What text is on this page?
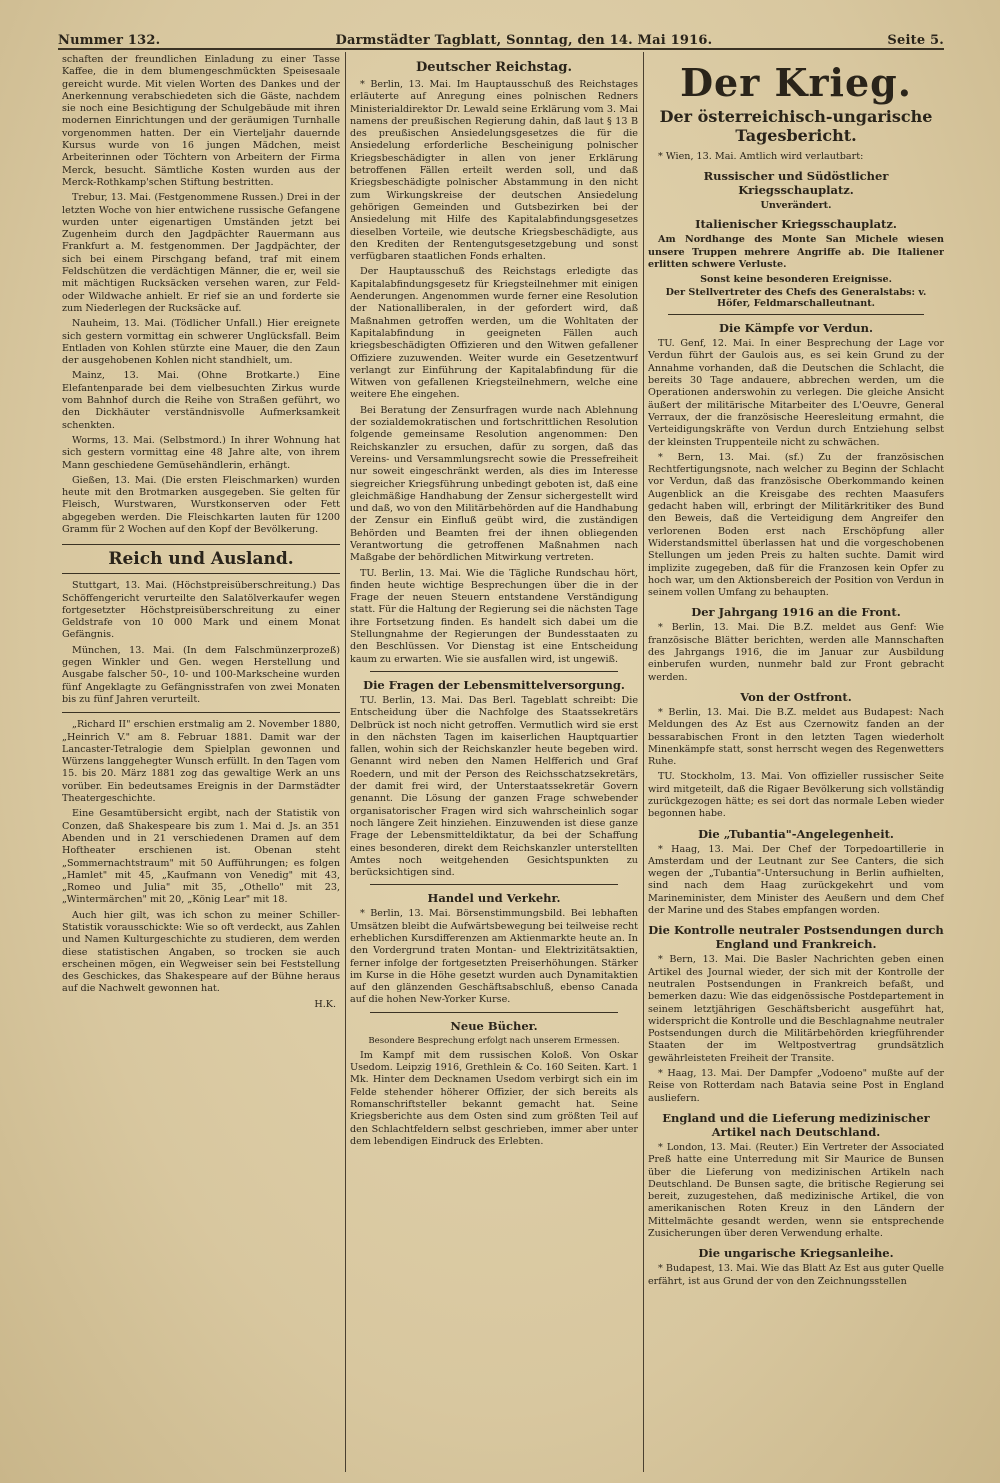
Nummer 132.	Darmstädter Tagblatt, Sonntag, den 14. Mai 1916.	Seite 5.

schaften der freundlichen Einladung zu einer Tasse Kaffee, die in dem blumengeschmückten Speisesaale gereicht wurde. Mit vielen Worten des Dankes und der Anerkennung verabschiedeten sich die Gäste, nachdem sie noch eine Besichtigung der Schulgebäude mit ihren modernen Einrichtungen und der geräumigen Turnhalle vorgenommen hatten. Der ein Vierteljahr dauernde Kursus wurde von 16 jungen Mädchen, meist Arbeiterinnen oder Töchtern von Arbeitern der Firma Merck, besucht. Sämtliche Kosten wurden aus der Merck-Rothkamp'schen Stiftung bestritten.

Trebur, 13. Mai. (Festgenommene Russen.) Drei in der letzten Woche von hier entwichene russische Gefangene wurden unter eigenartigen Umständen jetzt bei Zugenheim durch den Jagdpächter Rauermann aus Frankfurt a. M. festgenommen. Der Jagdpächter, der sich bei einem Pirschgang befand, traf mit einem Feldschützen die verdächtigen Männer, die er, weil sie mit mächtigen Rucksäcken versehen waren, zur Feld- oder Wildwache anhielt. Er rief sie an und forderte sie zum Niederlegen der Rucksäcke auf.

Nauheim, 13. Mai. (Tödlicher Unfall.) Hier ereignete sich gestern vormittag ein schwerer Unglücksfall. Beim Entladen von Kohlen stürzte eine Mauer, die den Zaun der ausgehobenen Kohlen nicht standhielt, um.

Mainz, 13. Mai. (Ohne Brotkarte.) Eine Elefantenparade bei dem vielbesuchten Zirkus wurde vom Bahnhof durch die Reihe von Straßen geführt, wo den Dickhäuter verständnisvolle Aufmerksamkeit schenkten.

Worms, 13. Mai. (Selbstmord.) In ihrer Wohnung hat sich gestern vormittag eine 48 Jahre alte, von ihrem Mann geschiedene Gemüsehändlerin, erhängt.

Gießen, 13. Mai. (Die ersten Fleischmarken) wurden heute mit den Brotmarken ausgegeben. Sie gelten für Fleisch, Wurstwaren, Wurstkonserven oder Fett abgegeben werden. Die Fleischkarten lauten für 1200 Gramm für 2 Wochen auf den Kopf der Bevölkerung.

Reich und Ausland.

Stuttgart, 13. Mai. (Höchstpreisüberschreitung.) Das Schöffengericht verurteilte den Salatölverkaufer wegen fortgesetzter Höchstpreisüberschreitung zu einer Geldstrafe von 10 000 Mark und einem Monat Gefängnis.

München, 13. Mai. (In dem Falschmünzerprozeß) gegen Winkler und Gen. wegen Herstellung und Ausgabe falscher 50-, 10- und 100-Markscheine wurden fünf Angeklagte zu Gefängnisstrafen von zwei Monaten bis zu fünf Jahren verurteilt.

„Richard II" erschien erstmalig am 2. November 1880, „Heinrich V." am 8. Februar 1881. Damit war der Lancaster-Tetralogie dem Spielplan gewonnen und Würzens langgehegter Wunsch erfüllt. In den Tagen vom 15. bis 20. März 1881 zog das gewaltige Werk an uns vorüber. Ein bedeutsames Ereignis in der Darmstädter Theatergeschichte.

Eine Gesamtübersicht ergibt, nach der Statistik von Conzen, daß Shakespeare bis zum 1. Mai d. Js. an 351 Abenden und in 21 verschiedenen Dramen auf dem Hoftheater erschienen ist. Obenan steht „Sommernachtstraum" mit 50 Aufführungen; es folgen „Hamlet" mit 45, „Kaufmann von Venedig" mit 43, „Romeo und Julia" mit 35, „Othello" mit 23, „Wintermärchen" mit 20, „König Lear" mit 18.

Auch hier gilt, was ich schon zu meiner Schiller-Statistik vorausschickte: Wie so oft verdeckt, aus Zahlen und Namen Kulturgeschichte zu studieren, dem werden diese statistischen Angaben, so trocken sie auch erscheinen mögen, ein Wegweiser sein bei Feststellung des Geschickes, das Shakespeare auf der Bühne heraus auf die Nachwelt gewonnen hat.

H.K.
Deutscher Reichstag.

* Berlin, 13. Mai. Im Hauptausschuß des Reichstages erläuterte auf Anregung eines polnischen Redners Ministerialdirektor Dr. Lewald seine Erklärung vom 3. Mai namens der preußischen Regierung dahin, daß laut § 13 B des preußischen Ansiedelungsgesetzes die für die Ansiedelung erforderliche Bescheinigung polnischer Kriegsbeschädigter in allen von jener Erklärung betroffenen Fällen erteilt werden soll, und daß Kriegsbeschädigte polnischer Abstammung in den nicht zum Wirkungskreise der deutschen Ansiedelung gehörigen Gemeinden und Gutsbezirken bei der Ansiedelung mit Hilfe des Kapitalabfindungsgesetzes dieselben Vorteile, wie deutsche Kriegsbeschädigte, aus den Krediten der Rentengutsgesetzgebung und sonst verfügbaren staatlichen Fonds erhalten.

Der Hauptausschuß des Reichstags erledigte das Kapitalabfindungsgesetz für Kriegsteilnehmer mit einigen Aenderungen. Angenommen wurde ferner eine Resolution der Nationalliberalen, in der gefordert wird, daß Maßnahmen getroffen werden, um die Wohltaten der Kapitalabfindung in geeigneten Fällen auch kriegsbeschädigten Offizieren und den Witwen gefallener Offiziere zuzuwenden. Weiter wurde ein Gesetzentwurf verlangt zur Einführung der Kapitalabfindung für die Witwen von gefallenen Kriegsteilnehmern, welche eine weitere Ehe eingehen.

Bei Beratung der Zensurfragen wurde nach Ablehnung der sozialdemokratischen und fortschrittlichen Resolution folgende gemeinsame Resolution angenommen: Den Reichskanzler zu ersuchen, dafür zu sorgen, daß das Vereins- und Versammlungsrecht sowie die Pressefreiheit nur soweit eingeschränkt werden, als dies im Interesse siegreicher Kriegsführung unbedingt geboten ist, daß eine gleichmäßige Handhabung der Zensur sichergestellt wird und daß, wo von den Militärbehörden auf die Handhabung der Zensur ein Einfluß geübt wird, die zuständigen Behörden und Beamten frei der ihnen obliegenden Verantwortung die getroffenen Maßnahmen nach Maßgabe der behördlichen Mitwirkung vertreten.

TU. Berlin, 13. Mai. Wie die Tägliche Rundschau hört, finden heute wichtige Besprechungen über die in der Frage der neuen Steuern entstandene Verständigung statt. Für die Haltung der Regierung sei die nächsten Tage ihre Fortsetzung finden. Es handelt sich dabei um die Stellungnahme der Regierungen der Bundesstaaten zu den Beschlüssen. Vor Dienstag ist eine Entscheidung kaum zu erwarten. Wie sie ausfallen wird, ist ungewiß.

Die Fragen der Lebensmittelversorgung.

TU. Berlin, 13. Mai. Das Berl. Tageblatt schreibt: Die Entscheidung über die Nachfolge des Staatssekretärs Delbrück ist noch nicht getroffen. Vermutlich wird sie erst in den nächsten Tagen im kaiserlichen Hauptquartier fallen, wohin sich der Reichskanzler heute begeben wird. Genannt wird neben den Namen Helfferich und Graf Roedern, und mit der Person des Reichsschatzsekretärs, der damit frei wird, der Unterstaatssekretär Govern genannt. Die Lösung der ganzen Frage schwebender organisatorischer Fragen wird sich wahrscheinlich sogar noch längere Zeit hinziehen. Einzuwenden ist diese ganze Frage der Lebensmitteldiktatur, da bei der Schaffung eines besonderen, direkt dem Reichskanzler unterstellten Amtes noch weitgehenden Gesichtspunkten zu berücksichtigen sind.

Handel und Verkehr.

* Berlin, 13. Mai. Börsenstimmungsbild. Bei lebhaften Umsätzen bleibt die Aufwärtsbewegung bei teilweise recht erheblichen Kursdifferenzen am Aktienmarkte heute an. In den Vordergrund traten Montan- und Elektrizitätsaktien, ferner infolge der fortgesetzten Preiserhöhungen. Stärker im Kurse in die Höhe gesetzt wurden auch Dynamitaktien auf den glänzenden Geschäftsabschluß, ebenso Canada auf die hohen New-Yorker Kurse.

Neue Bücher.
Besondere Besprechung erfolgt nach unserem Ermessen.

Im Kampf mit dem russischen Koloß. Von Oskar Usedom. Leipzig 1916, Grethlein & Co. 160 Seiten. Kart. 1 Mk. Hinter dem Decknamen Usedom verbirgt sich ein im Felde stehender höherer Offizier, der sich bereits als Romanschriftsteller bekannt gemacht hat. Seine Kriegsberichte aus dem Osten sind zum größten Teil auf den Schlachtfeldern selbst geschrieben, immer aber unter dem lebendigen Eindruck des Erlebten.

Der Krieg.
Der österreichisch-ungarische Tagesbericht.

* Wien, 13. Mai. Amtlich wird verlautbart:

Russischer und Südöstlicher Kriegsschauplatz.
Unverändert.
Italienischer Kriegsschauplatz.

Am Nordhange des Monte San Michele wiesen unsere Truppen mehrere Angriffe ab. Die Italiener erlitten schwere Verluste.

Sonst keine besonderen Ereignisse.
Der Stellvertreter des Chefs des Generalstabs: v. Höfer, Feldmarschalleutnant.
Die Kämpfe vor Verdun.

TU. Genf, 12. Mai. In einer Besprechung der Lage vor Verdun führt der Gaulois aus, es sei kein Grund zu der Annahme vorhanden, daß die Deutschen die Schlacht, die bereits 30 Tage andauere, abbrechen werden, um die Operationen anderswohin zu verlegen. Die gleiche Ansicht äußert der militärische Mitarbeiter des L'Oeuvre, General Verraux, der die französische Heeresleitung ermahnt, die Verteidigungskräfte von Verdun durch Entziehung selbst der kleinsten Truppenteile nicht zu schwächen.

* Bern, 13. Mai. (sf.) Zu der französischen Rechtfertigungsnote, nach welcher zu Beginn der Schlacht vor Verdun, daß das französische Oberkommando keinen Augenblick an die Kreisgabe des rechten Maasufers gedacht haben will, erbringt der Militärkritiker des Bund den Beweis, daß die Verteidigung dem Angreifer den verlorenen Boden erst nach Erschöpfung aller Widerstandsmittel überlassen hat und die vorgeschobenen Stellungen um jeden Preis zu halten suchte. Damit wird implizite zugegeben, daß für die Franzosen kein Opfer zu hoch war, um den Aktionsbereich der Position von Verdun in seinem vollen Umfang zu behaupten.

Der Jahrgang 1916 an die Front.

* Berlin, 13. Mai. Die B.Z. meldet aus Genf: Wie französische Blätter berichten, werden alle Mannschaften des Jahrgangs 1916, die im Januar zur Ausbildung einberufen wurden, nunmehr bald zur Front gebracht werden.

Von der Ostfront.

* Berlin, 13. Mai. Die B.Z. meldet aus Budapest: Nach Meldungen des Az Est aus Czernowitz fanden an der bessarabischen Front in den letzten Tagen wiederholt Minenkämpfe statt, sonst herrscht wegen des Regenwetters Ruhe.

TU. Stockholm, 13. Mai. Von offizieller russischer Seite wird mitgeteilt, daß die Rigaer Bevölkerung sich vollständig zurückgezogen hätte; es sei dort das normale Leben wieder begonnen habe.

Die „Tubantia"-Angelegenheit.

* Haag, 13. Mai. Der Chef der Torpedoartillerie in Amsterdam und der Leutnant zur See Canters, die sich wegen der „Tubantia"-Untersuchung in Berlin aufhielten, sind nach dem Haag zurückgekehrt und vom Marineminister, dem Minister des Aeußern und dem Chef der Marine und des Stabes empfangen worden.

Die Kontrolle neutraler Postsendungen durch England und Frankreich.

* Bern, 13. Mai. Die Basler Nachrichten geben einen Artikel des Journal wieder, der sich mit der Kontrolle der neutralen Postsendungen in Frankreich befaßt, und bemerken dazu: Wie das eidgenössische Postdepartement in seinem letztjährigen Geschäftsbericht ausgeführt hat, widerspricht die Kontrolle und die Beschlagnahme neutraler Postsendungen durch die Militärbehörden kriegführender Staaten der im Weltpostvertrag grundsätzlich gewährleisteten Freiheit der Transite.

* Haag, 13. Mai. Der Dampfer „Vodoeno" mußte auf der Reise von Rotterdam nach Batavia seine Post in England ausliefern.

England und die Lieferung medizinischer Artikel nach Deutschland.

* London, 13. Mai. (Reuter.) Ein Vertreter der Associated Preß hatte eine Unterredung mit Sir Maurice de Bunsen über die Lieferung von medizinischen Artikeln nach Deutschland. De Bunsen sagte, die britische Regierung sei bereit, zuzugestehen, daß medizinische Artikel, die von amerikanischen Roten Kreuz in den Ländern der Mittelmächte gesandt werden, wenn sie entsprechende Zusicherungen über deren Verwendung erhalte.

Die ungarische Kriegsanleihe.

* Budapest, 13. Mai. Wie das Blatt Az Est aus guter Quelle erfährt, ist aus Grund der von den Zeichnungsstellen
